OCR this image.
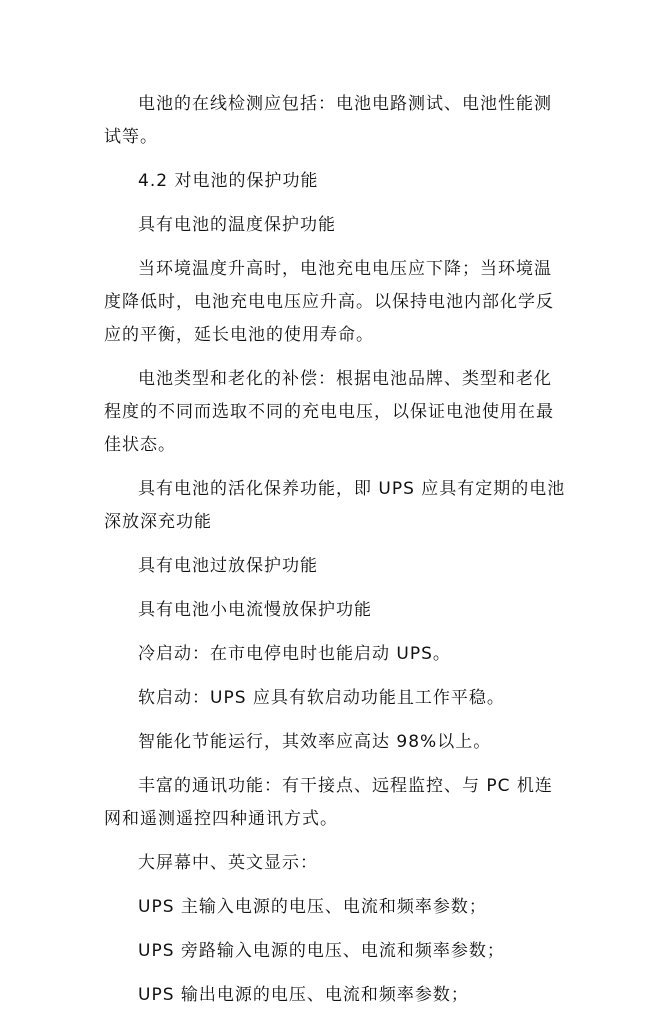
电池的在线检测应包括：电池电路测试、电池性能测试等。

4.2 对电池的保护功能

具有电池的温度保护功能

当环境温度升高时，电池充电电压应下降；当环境温度降低时，电池充电电压应升高。以保持电池内部化学反应的平衡，延长电池的使用寿命。

电池类型和老化的补偿：根据电池品牌、类型和老化程度的不同而选取不同的充电电压，以保证电池使用在最佳状态。

具有电池的活化保养功能，即 UPS 应具有定期的电池深放深充功能

具有电池过放保护功能

具有电池小电流慢放保护功能

冷启动：在市电停电时也能启动 UPS。

软启动：UPS 应具有软启动功能且工作平稳。

智能化节能运行，其效率应高达 98%以上。

丰富的通讯功能：有干接点、远程监控、与 PC 机连网和遥测遥控四种通讯方式。

大屏幕中、英文显示：

UPS 主输入电源的电压、电流和频率参数；

UPS 旁路输入电源的电压、电流和频率参数；

UPS 输出电源的电压、电流和频率参数；
